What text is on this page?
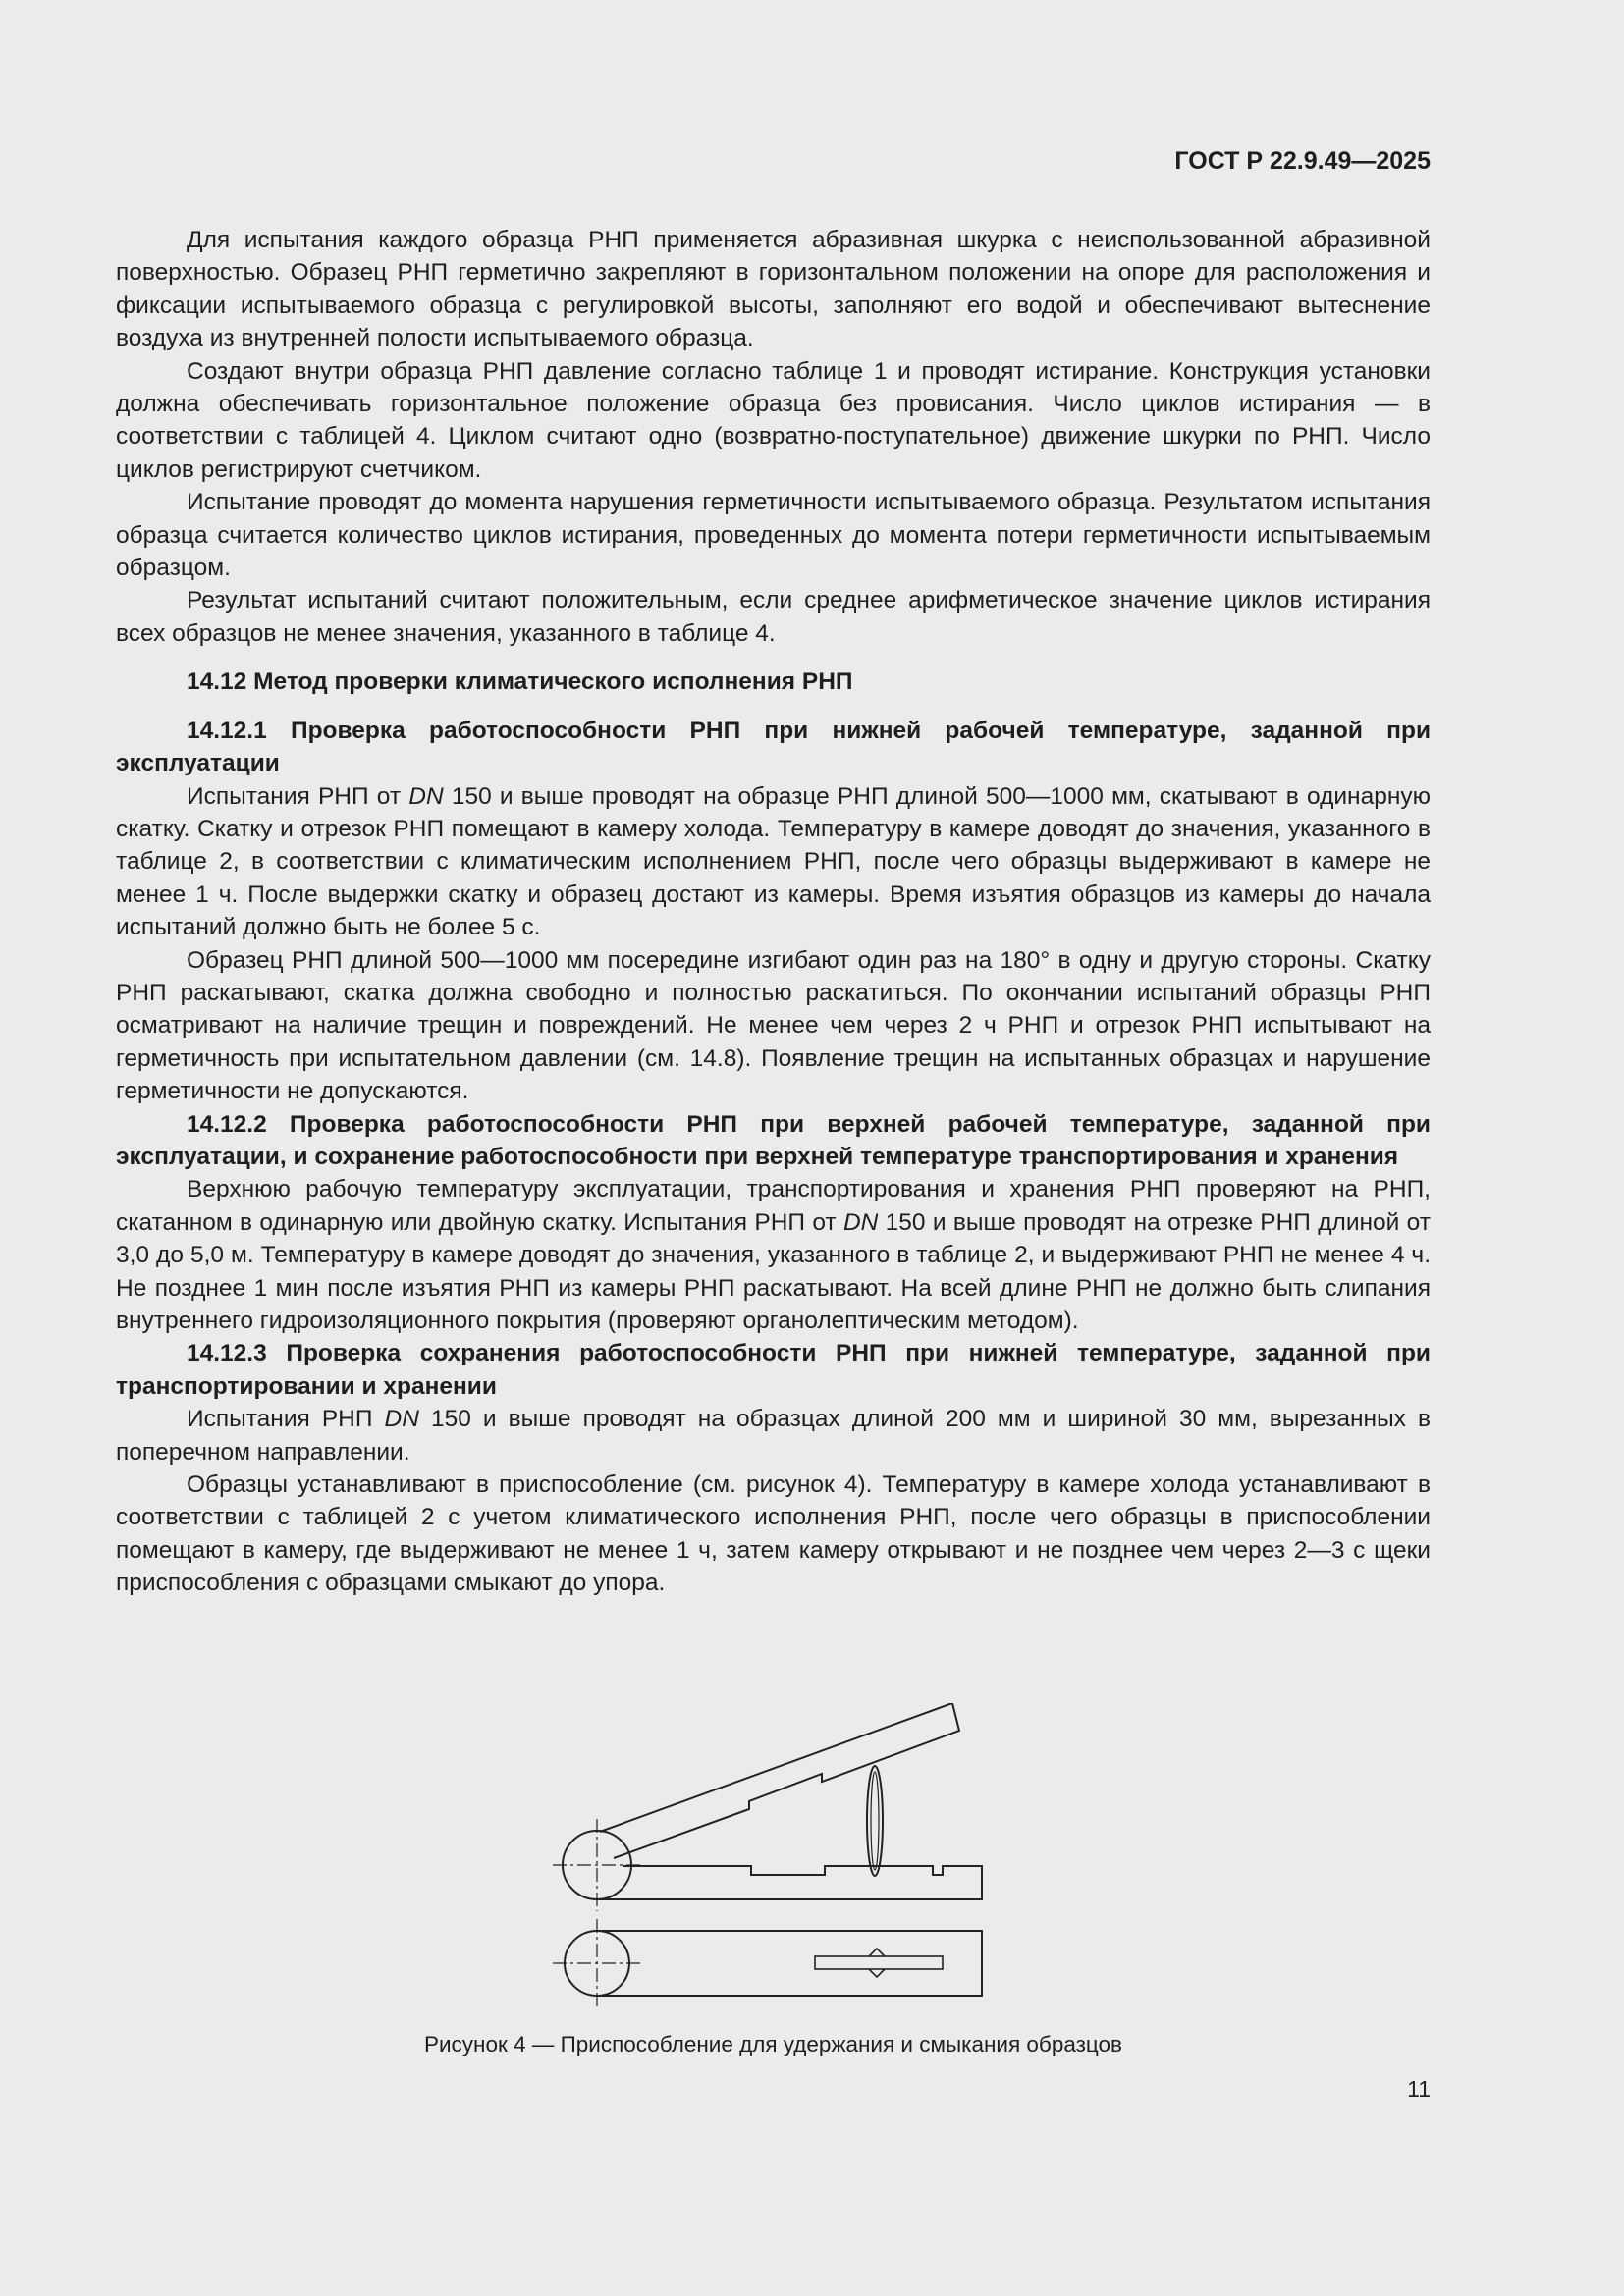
ГОСТ Р 22.9.49—2025

Для испытания каждого образца РНП применяется абразивная шкурка с неиспользованной абразивной поверхностью. Образец РНП герметично закрепляют в горизонтальном положении на опоре для расположения и фиксации испытываемого образца с регулировкой высоты, заполняют его водой и обеспечивают вытеснение воздуха из внутренней полости испытываемого образца.

Создают внутри образца РНП давление согласно таблице 1 и проводят истирание. Конструкция установки должна обеспечивать горизонтальное положение образца без провисания. Число циклов истирания — в соответствии с таблицей 4. Циклом считают одно (возвратно-поступательное) движение шкурки по РНП. Число циклов регистрируют счетчиком.

Испытание проводят до момента нарушения герметичности испытываемого образца. Результатом испытания образца считается количество циклов истирания, проведенных до момента потери герметичности испытываемым образцом.

Результат испытаний считают положительным, если среднее арифметическое значение циклов истирания всех образцов не менее значения, указанного в таблице 4.

14.12 Метод проверки климатического исполнения РНП
14.12.1 Проверка работоспособности РНП при нижней рабочей температуре, заданной при эксплуатации

Испытания РНП от DN 150 и выше проводят на образце РНП длиной 500—1000 мм, скатывают в одинарную скатку. Скатку и отрезок РНП помещают в камеру холода. Температуру в камере доводят до значения, указанного в таблице 2, в соответствии с климатическим исполнением РНП, после чего образцы выдерживают в камере не менее 1 ч. После выдержки скатку и образец достают из камеры. Время изъятия образцов из камеры до начала испытаний должно быть не более 5 с.

Образец РНП длиной 500—1000 мм посередине изгибают один раз на 180° в одну и другую стороны. Скатку РНП раскатывают, скатка должна свободно и полностью раскатиться. По окончании испытаний образцы РНП осматривают на наличие трещин и повреждений. Не менее чем через 2 ч РНП и отрезок РНП испытывают на герметичность при испытательном давлении (см. 14.8). Появление трещин на испытанных образцах и нарушение герметичности не допускаются.

14.12.2 Проверка работоспособности РНП при верхней рабочей температуре, заданной при эксплуатации, и сохранение работоспособности при верхней температуре транспортирования и хранения

Верхнюю рабочую температуру эксплуатации, транспортирования и хранения РНП проверяют на РНП, скатанном в одинарную или двойную скатку. Испытания РНП от DN 150 и выше проводят на отрезке РНП длиной от 3,0 до 5,0 м. Температуру в камере доводят до значения, указанного в таблице 2, и выдерживают РНП не менее 4 ч. Не позднее 1 мин после изъятия РНП из камеры РНП раскатывают. На всей длине РНП не должно быть слипания внутреннего гидроизоляционного покрытия (проверяют органолептическим методом).

14.12.3 Проверка сохранения работоспособности РНП при нижней температуре, заданной при транспортировании и хранении

Испытания РНП DN 150 и выше проводят на образцах длиной 200 мм и шириной 30 мм, вырезанных в поперечном направлении.

Образцы устанавливают в приспособление (см. рисунок 4). Температуру в камере холода устанавливают в соответствии с таблицей 2 с учетом климатического исполнения РНП, после чего образцы в приспособлении помещают в камеру, где выдерживают не менее 1 ч, затем камеру открывают и не позднее чем через 2—3 с щеки приспособления с образцами смыкают до упора.

Рисунок 4 — Приспособление для удержания и смыкания образцов
11
